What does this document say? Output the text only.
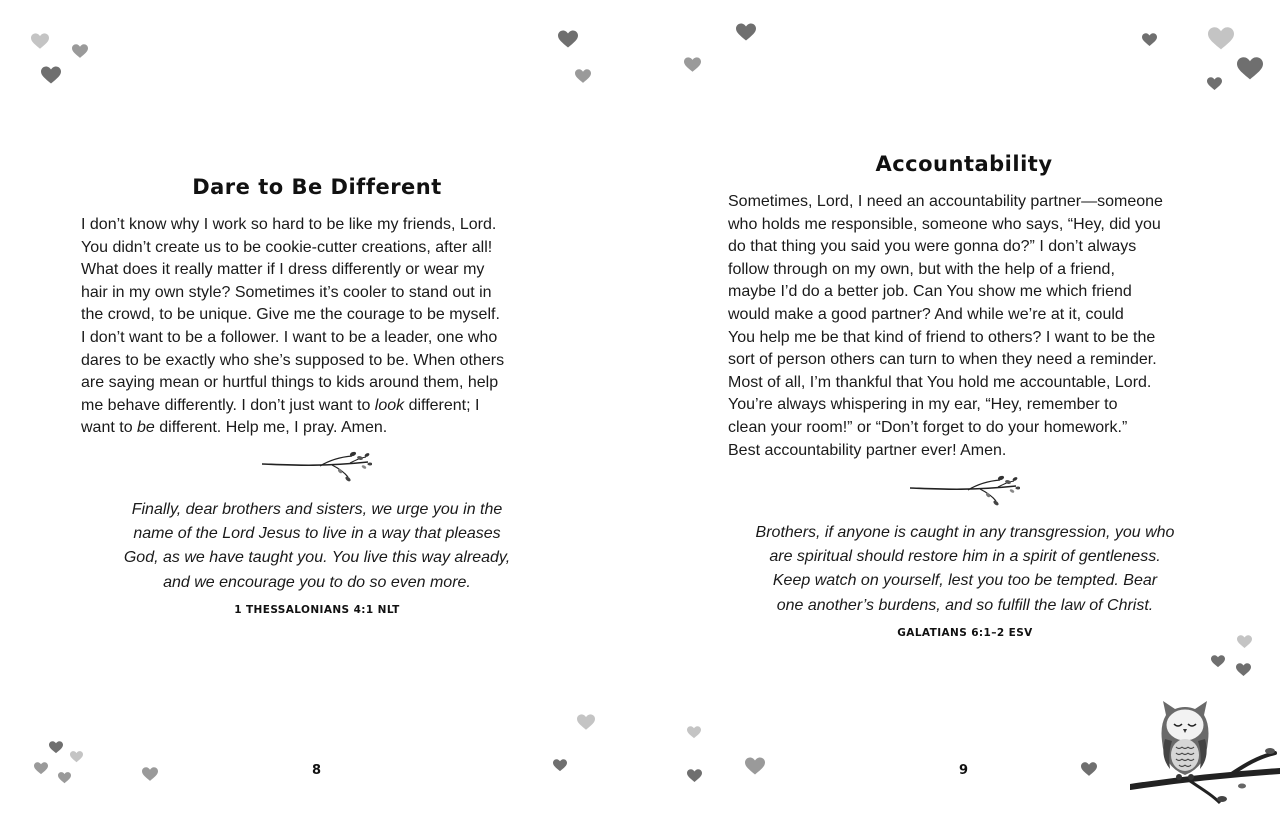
Dare to Be Different
I don’t know why I work so hard to be like my friends, Lord.
You didn’t create us to be cookie-cutter creations, after all!
What does it really matter if I dress differently or wear my
hair in my own style? Sometimes it’s cooler to stand out in
the crowd, to be unique. Give me the courage to be myself.
I don’t want to be a follower. I want to be a leader, one who
dares to be exactly who she’s supposed to be. When others
are saying mean or hurtful things to kids around them, help
me behave differently. I don’t just want to look different; I
want to be different. Help me, I pray. Amen.
Finally, dear brothers and sisters, we urge you in the
name of the Lord Jesus to live in a way that pleases
God, as we have taught you. You live this way already,
and we encourage you to do so even more.
1 THESSALONIANS 4:1 NLT
8
Accountability
Sometimes, Lord, I need an accountability partner—someone
who holds me responsible, someone who says, “Hey, did you
do that thing you said you were gonna do?” I don’t always
follow through on my own, but with the help of a friend,
maybe I’d do a better job. Can You show me which friend
would make a good partner? And while we’re at it, could
You help me be that kind of friend to others? I want to be the
sort of person others can turn to when they need a reminder.
Most of all, I’m thankful that You hold me accountable, Lord.
You’re always whispering in my ear, “Hey, remember to
clean your room!” or “Don’t forget to do your homework.”
Best accountability partner ever! Amen.
Brothers, if anyone is caught in any transgression, you who
are spiritual should restore him in a spirit of gentleness.
Keep watch on yourself, lest you too be tempted. Bear
one another’s burdens, and so fulfill the law of Christ.
GALATIANS 6:1–2 ESV
9
